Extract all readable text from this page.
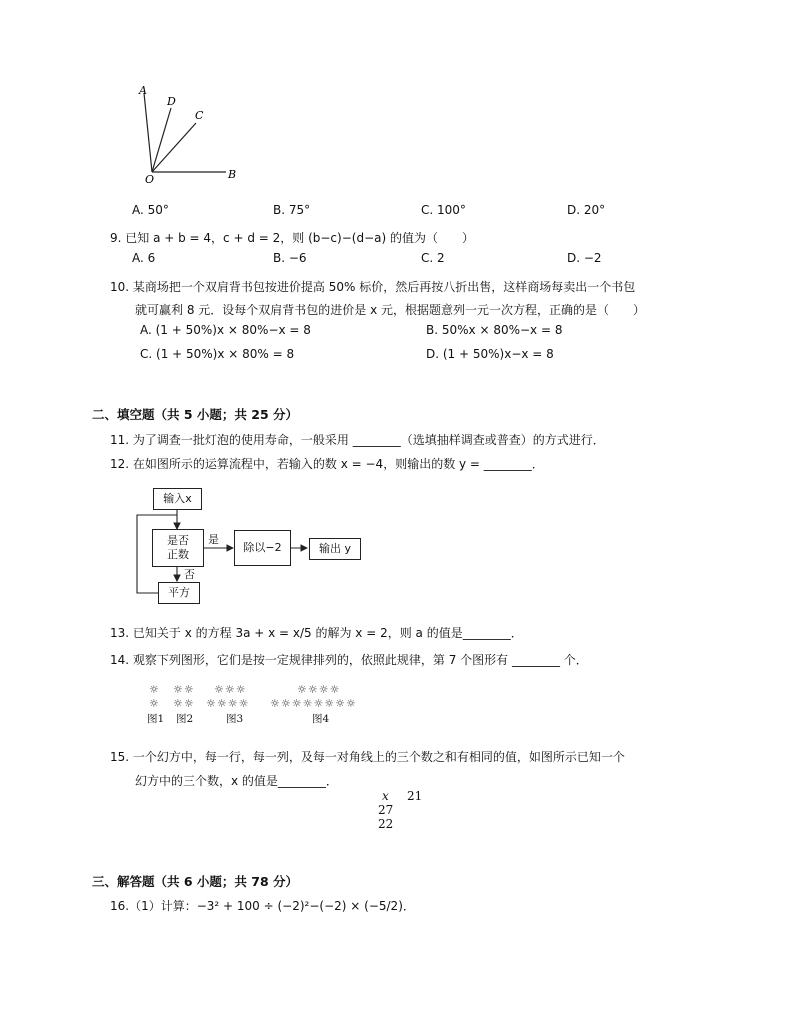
A
D
C
O	B
A. 50°	B. 75°	C. 100°	D. 20°
9. 已知 a + b = 4，c + d = 2，则 (b−c)−(d−a) 的值为（　　）
A. 6	B. −6	C. 2	D. −2
10. 某商场把一个双肩背书包按进价提高 50% 标价，然后再按八折出售，这样商场每卖出一个书包
就可赢利 8 元．设每个双肩背书包的进价是 x 元，根据题意列一元一次方程，正确的是（　　）
A. (1 + 50%)x × 80%−x = 8	B. 50%x × 80%−x = 8
C. (1 + 50%)x × 80% = 8	D. (1 + 50%)x−x = 8
二、填空题（共 5 小题；共 25 分）
11. 为了调查一批灯泡的使用寿命，一般采用 ________（选填抽样调查或普查）的方式进行．
12. 在如图所示的运算流程中，若输入的数 x = −4，则输出的数 y = ________．
输入x
是否
正数
是
否
除以−2	输出 y
平方
13. 已知关于 x 的方程 3a + x = x/5 的解为 x = 2，则 a 的值是________．
14. 观察下列图形，它们是按一定规律排列的，依照此规律，第 7 个图形有 ________ 个．
☼
☼
☼☼
☼☼
☼☼☼
☼☼☼☼
☼☼☼☼
☼☼☼☼☼☼☼☼
图1 图2	图3	图4
15. 一个幻方中，每一行，每一列，及每一对角线上的三个数之和有相同的值，如图所示已知一个
幻方中的三个数，x 的值是________．
x 21
27
22
三、解答题（共 6 小题；共 78 分）
16.（1）计算：−3² + 100 ÷ (−2)²−(−2) × (−5/2)．
